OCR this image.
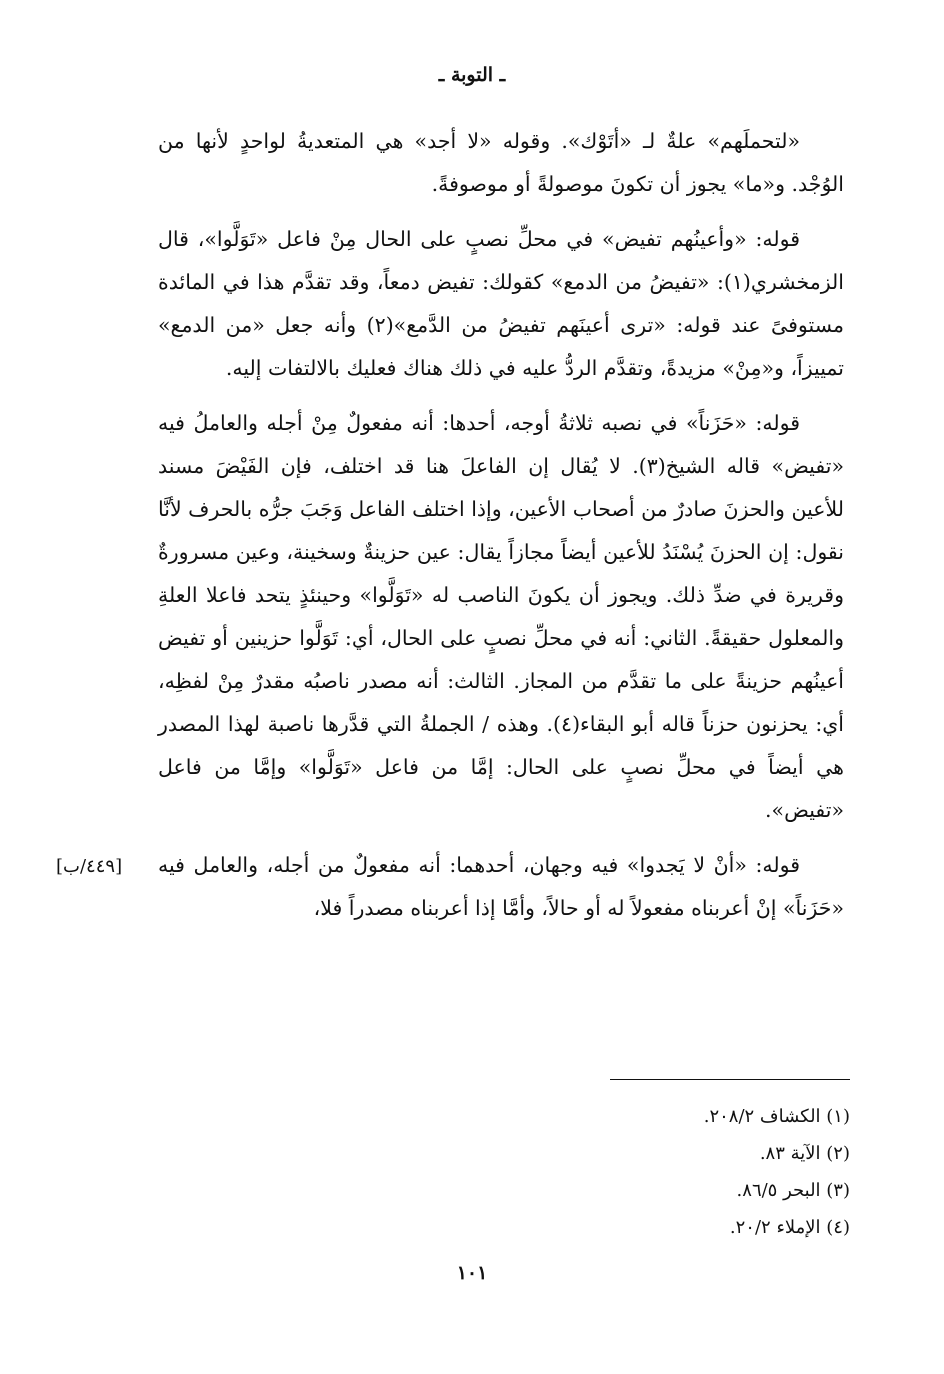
ـ التوبة ـ

«لتحملَهم» علةٌ لـ «أتَوْك». وقوله «لا أجد» هي المتعديةُ لواحدٍ لأنها من الوُجْد. و«ما» يجوز أن تكونَ موصولةً أو موصوفةً.

قوله: «وأعينُهم تفيض» في محلِّ نصبٍ على الحال مِنْ فاعل «تَوَلَّوا»، قال الزمخشري(١): «تفيضُ من الدمع» كقولك: تفيض دمعاً، وقد تقدَّم هذا في المائدة مستوفىً عند قوله: «ترى أعينَهم تفيضُ من الدَّمع»(٢) وأنه جعل «من الدمع» تمييزاً، و«مِنْ» مزيدةً، وتقدَّم الردُّ عليه في ذلك هناك فعليك بالالتفات إليه.

قوله: «حَزَناً» في نصبه ثلاثةُ أوجه، أحدها: أنه مفعولٌ مِنْ أجله والعاملُ فيه «تفيض» قاله الشيخ(٣). لا يُقال إن الفاعلَ هنا قد اختلف، فإن الفَيْضَ مسند للأعين والحزنَ صادرٌ من أصحاب الأعين، وإذا اختلف الفاعل وَجَبَ جرُّه بالحرف لأنَّا نقول: إن الحزنَ يُسْنَدُ للأعين أيضاً مجازاً يقال: عين حزينةٌ وسخينة، وعين مسرورةٌ وقريرة في ضدِّ ذلك. ويجوز أن يكونَ الناصب له «تَوَلَّوا» وحينئذٍ يتحد فاعلا العلةِ والمعلول حقيقةً. الثاني: أنه في محلِّ نصبٍ على الحال، أي: تَوَلَّوا حزينين أو تفيض أعينُهم حزينةً على ما تقدَّم من المجاز. الثالث: أنه مصدر ناصبُه مقدرٌ مِنْ لفظِه، أي: يحزنون حزناً قاله أبو البقاء(٤). وهذه / الجملةُ التي قدَّرها ناصبة لهذا المصدر هي أيضاً في محلِّ نصبٍ على الحال: إمَّا من فاعل «تَوَلَّوا» وإمَّا من فاعل «تفيض».

قوله: «أنْ لا يَجدوا» فيه وجهان، أحدهما: أنه مفعولٌ من أجله، والعامل فيه «حَزَناً» إنْ أعربناه مفعولاً له أو حالاً، وأمَّا إذا أعربناه مصدراً فلا،

[٤٤٩/ب]
(١) الكشاف ٢٠٨/٢.
(٢) الآية ٨٣.
(٣) البحر ٨٦/٥.
(٤) الإملاء ٢٠/٢.
١٠١
